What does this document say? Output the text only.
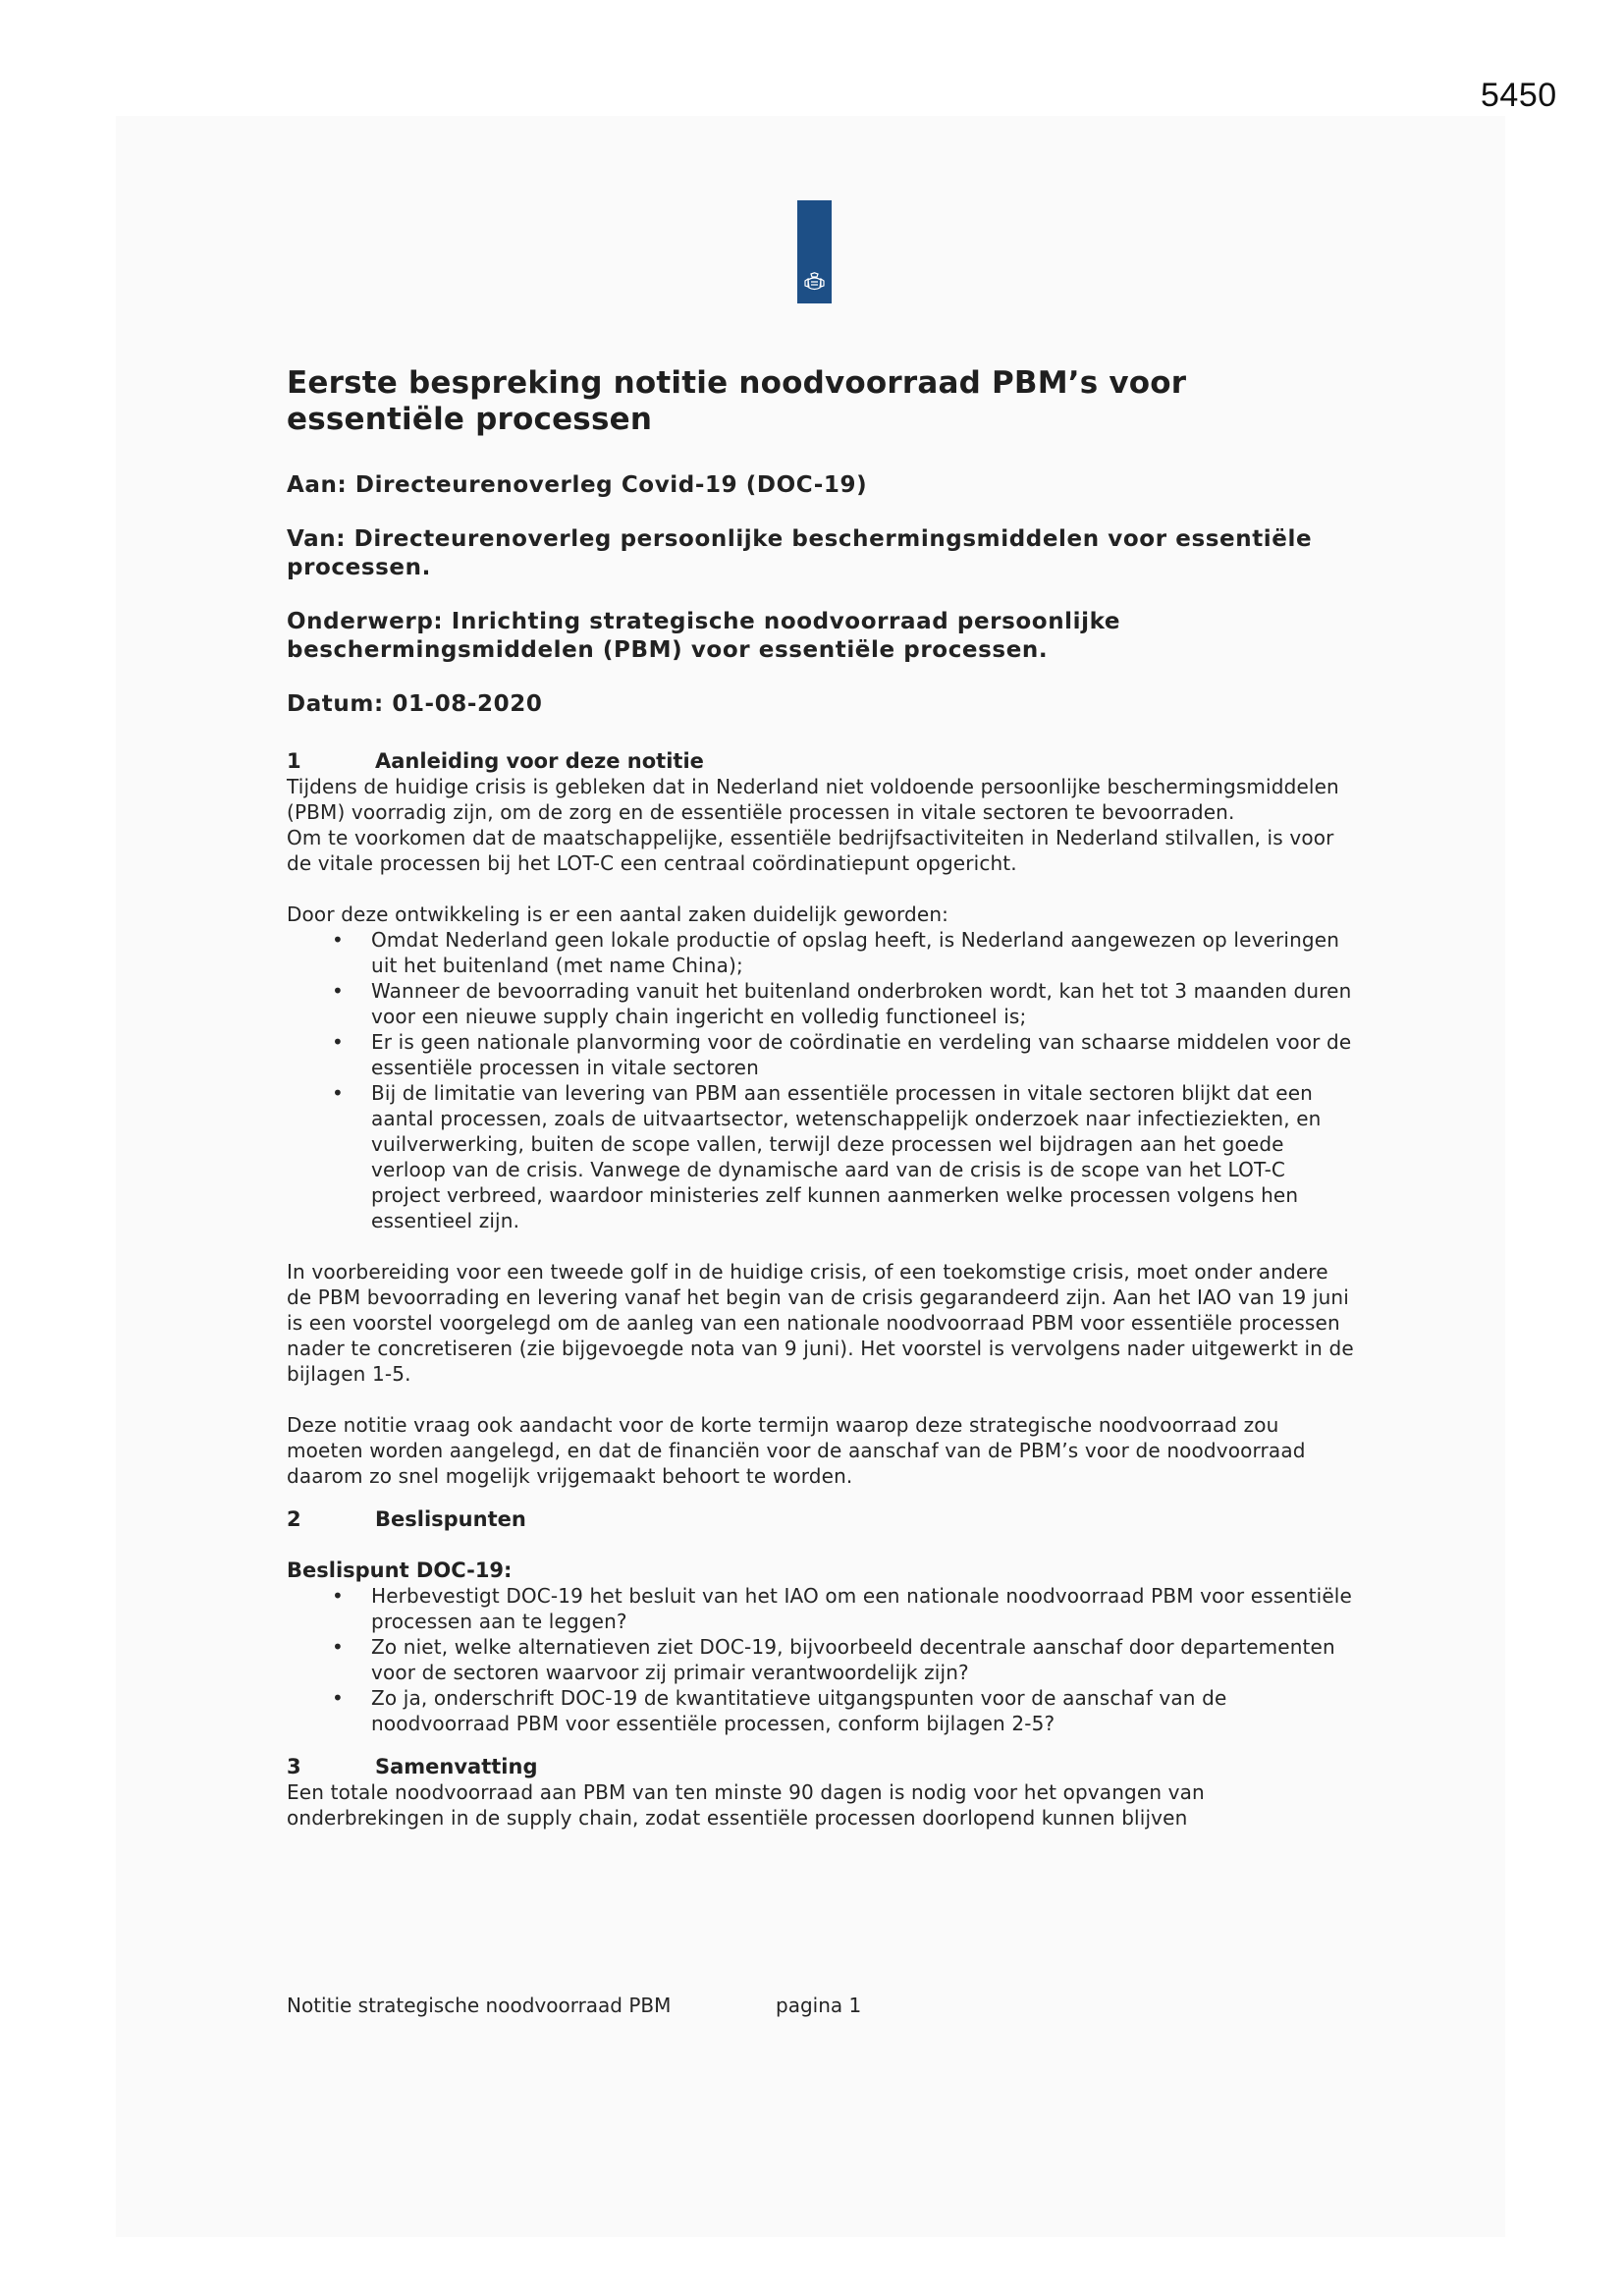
5450
Eerste bespreking notitie noodvoorraad PBM’s voor essentiële processen
Aan: Directeurenoverleg Covid-19 (DOC-19)
Van: Directeurenoverleg persoonlijke beschermingsmiddelen voor essentiële processen.
Onderwerp: Inrichting strategische noodvoorraad persoonlijke beschermingsmiddelen (PBM) voor essentiële processen.
Datum: 01-08-2020
1	Aanleiding voor deze notitie

Tijdens de huidige crisis is gebleken dat in Nederland niet voldoende persoonlijke beschermingsmiddelen (PBM) voorradig zijn, om de zorg en de essentiële processen in vitale sectoren te bevoorraden.

Om te voorkomen dat de maatschappelijke, essentiële bedrijfsactiviteiten in Nederland stilvallen, is voor de vitale processen bij het LOT-C een centraal coördinatiepunt opgericht.

Door deze ontwikkeling is er een aantal zaken duidelijk geworden:

• Omdat Nederland geen lokale productie of opslag heeft, is Nederland aangewezen op leveringen uit het buitenland (met name China);
• Wanneer de bevoorrading vanuit het buitenland onderbroken wordt, kan het tot 3 maanden duren voor een nieuwe supply chain ingericht en volledig functioneel is;
• Er is geen nationale planvorming voor de coördinatie en verdeling van schaarse middelen voor de essentiële processen in vitale sectoren
• Bij de limitatie van levering van PBM aan essentiële processen in vitale sectoren blijkt dat een aantal processen, zoals de uitvaartsector, wetenschappelijk onderzoek naar infectieziekten, en vuilverwerking, buiten de scope vallen, terwijl deze processen wel bijdragen aan het goede verloop van de crisis. Vanwege de dynamische aard van de crisis is de scope van het LOT-C project verbreed, waardoor ministeries zelf kunnen aanmerken welke processen volgens hen essentieel zijn.

In voorbereiding voor een tweede golf in de huidige crisis, of een toekomstige crisis, moet onder andere de PBM bevoorrading en levering vanaf het begin van de crisis gegarandeerd zijn. Aan het IAO van 19 juni is een voorstel voorgelegd om de aanleg van een nationale noodvoorraad PBM voor essentiële processen nader te concretiseren (zie bijgevoegde nota van 9 juni). Het voorstel is vervolgens nader uitgewerkt in de bijlagen 1-5.

Deze notitie vraag ook aandacht voor de korte termijn waarop deze strategische noodvoorraad zou moeten worden aangelegd, en dat de financiën voor de aanschaf van de PBM’s voor de noodvoorraad daarom zo snel mogelijk vrijgemaakt behoort te worden.

2	Beslispunten
Beslispunt DOC-19:
• Herbevestigt DOC-19 het besluit van het IAO om een nationale noodvoorraad PBM voor essentiële processen aan te leggen?
• Zo niet, welke alternatieven ziet DOC-19, bijvoorbeeld decentrale aanschaf door departementen voor de sectoren waarvoor zij primair verantwoordelijk zijn?
• Zo ja, onderschrift DOC-19 de kwantitatieve uitgangspunten voor de aanschaf van de noodvoorraad PBM voor essentiële processen, conform bijlagen 2-5?
3	Samenvatting

Een totale noodvoorraad aan PBM van ten minste 90 dagen is nodig voor het opvangen van onderbrekingen in de supply chain, zodat essentiële processen doorlopend kunnen blijven

Notitie strategische noodvoorraad PBM	pagina 1
